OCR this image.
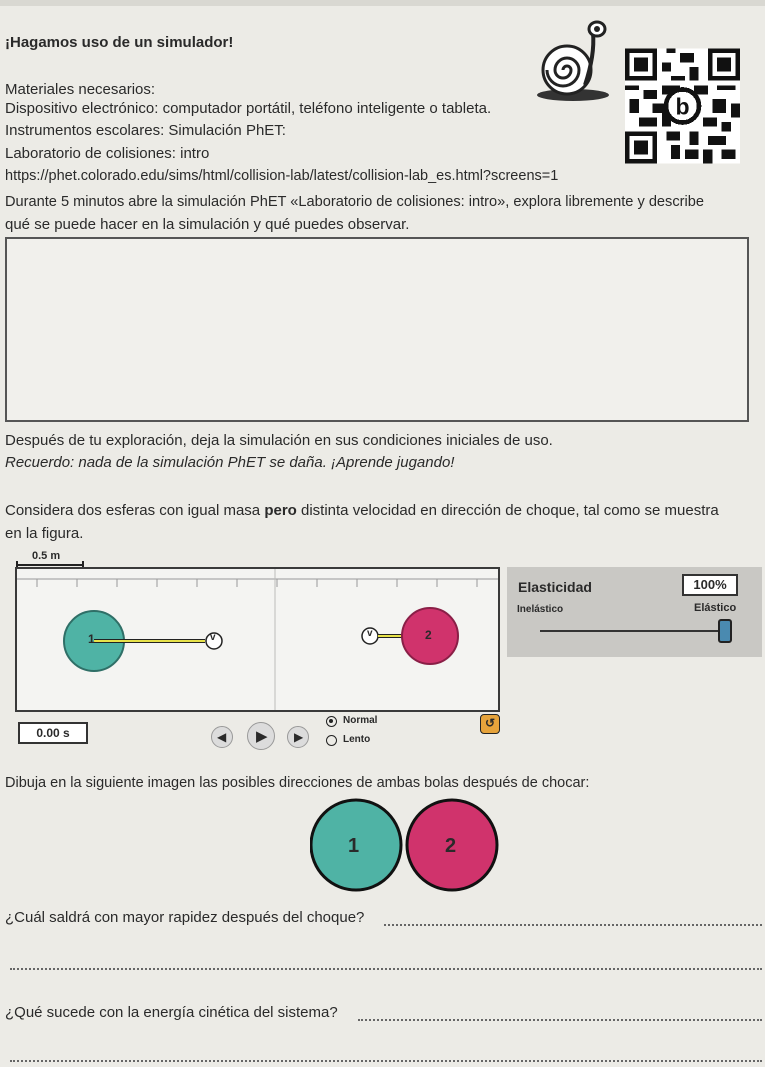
¡Hagamos uso de un simulador!
Materiales necesarios:
Dispositivo electrónico: computador portátil, teléfono inteligente o tableta.
Instrumentos escolares: Simulación PhET:
Laboratorio de colisiones: intro
https://phet.colorado.edu/sims/html/collision-lab/latest/collision-lab_es.html?screens=1
b
Durante 5 minutos abre la simulación PhET «Laboratorio de colisiones: intro», explora libremente y describe
qué se puede hacer en la simulación y qué puedes observar.
Después de tu exploración, deja la simulación en sus condiciones iniciales de uso.
Recuerdo: nada de la simulación PhET se daña. ¡Aprende jugando!
Considera dos esferas con igual masa pero distinta velocidad en dirección de choque, tal como se muestra
en la figura.
0.5 m
v
1	v	2
Elasticidad	100%
Inelástico	Elástico
0.00 s	◀ ▶ ▶
Normal
Lento
↺
Dibuja en la siguiente imagen las posibles direcciones de ambas bolas después de chocar:
1	2
¿Cuál saldrá con mayor rapidez después del choque?
¿Qué sucede con la energía cinética del sistema?
